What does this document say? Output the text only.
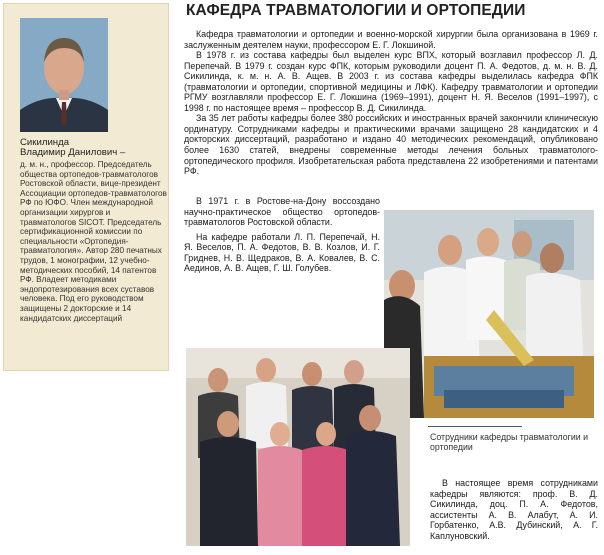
Сикилинда
Владимир Данилович –
д. м. н., профессор. Председатель общества ортопедов-травматологов Ростовской области, вице-президент Ассоциации ортопедов-травматологов РФ по ЮФО. Член международной организации хирургов и травматологов SICOT. Председатель сертификационной комиссии по специальности «Ортопедия-травматология». Автор 280 печатных трудов, 1 монографии, 12 учебно-методических пособий, 14 патентов РФ. Владеет методиками эндопротезирования всех суставов человека. Под его руководством защищены 2 докторские и 14 кандидатских диссертаций
КАФЕДРА ТРАВМАТОЛОГИИ И ОРТОПЕДИИ

Кафедра травматологии и ортопедии и военно-морской хирургии была организована в 1969 г. заслуженным деятелем науки, профессором Е. Г. Локшиной.

В 1978 г. из состава кафедры был выделен курс ВПХ, который возглавил профессор Л. Д. Перепечай. В 1979 г. создан курс ФПК, которым руководили доцент П. А. Федотов, д. м. н. В. Д. Сикилинда, к. м. н. А. В. Ащев. В 2003 г. из состава кафедры выделилась кафедра ФПК (травматологии и ортопедии, спортивной медицины и ЛФК). Кафедру травматологии и ортопедии РГМУ возглавляли профессор Е. Г. Локшина (1969–1991), доцент Н. Я. Веселов (1991–1997), с 1998 г. по настоящее время – профессор В. Д. Сикилинда.

За 35 лет работы кафедры более 380 российских и иностранных врачей закончили клиническую ординатуру. Сотрудниками кафедры и практическими врачами защищено 28 кандидатских и 4 докторских диссертаций, разработано и издано 40 методических рекомендаций, опубликовано более 1630 статей, внедрены современные методы лечения больных травматолого-ортопедического профиля. Изобретательская работа представлена 22 изобретениями и патентами РФ.

В 1971 г. в Ростове-на-Дону воссоздано научно-практическое общество ортопедов-травматологов Ростовской области.

На кафедре работали Л. П. Перепечай, Н. Я. Веселов, П. А. Федотов, В. В. Козлов, И. Г. Гриднев, Н. В. Щедраков, В. А. Ковалев, В. С. Аединов, А. В. Ащев, Г. Ш. Голубев.

Сотрудники кафедры травматологии и ортопедии

В настоящее время сотрудниками кафедры являются: проф. В. Д. Сикилинда, доц. П. А. Федотов, ассистенты А. В. Алабут, А. И. Горбатенко, А.В. Дубинский, А. Г. Каплуновский.
